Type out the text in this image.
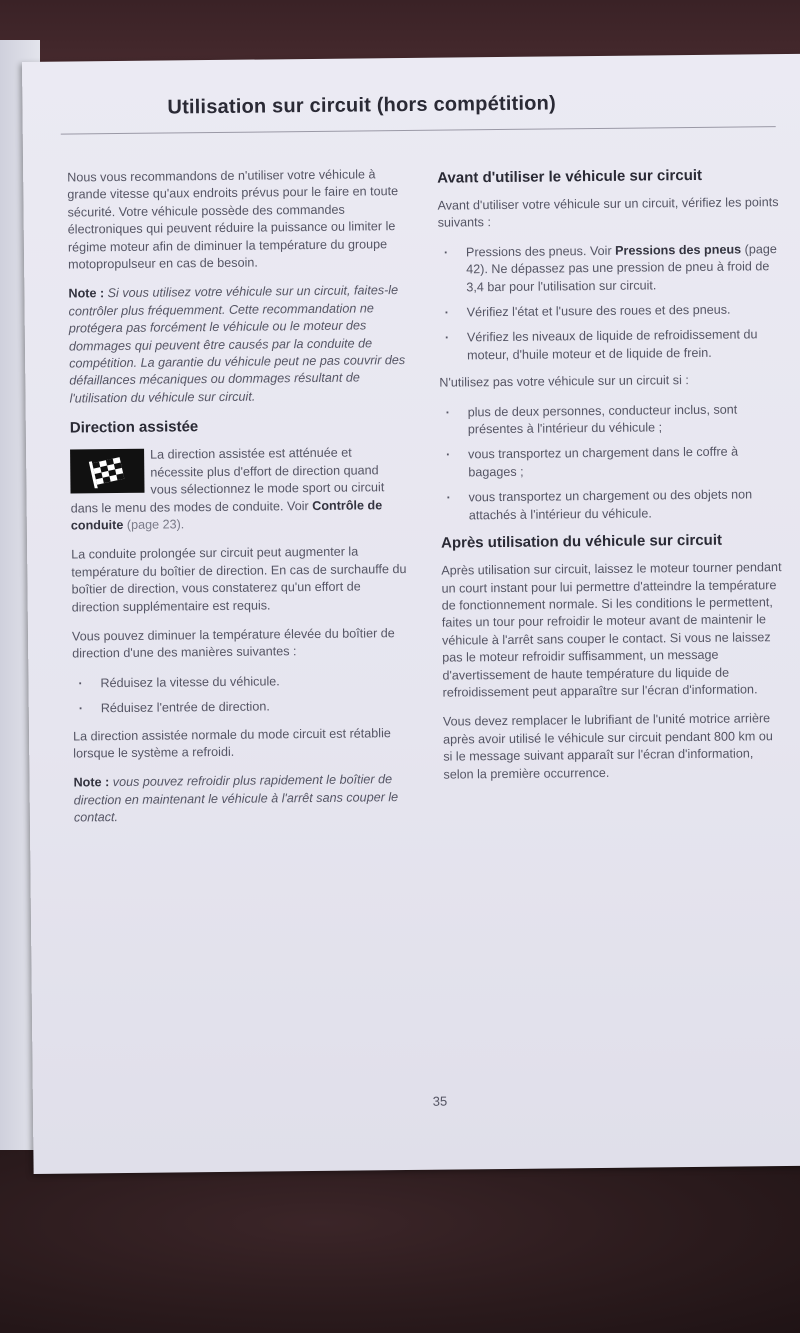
Utilisation sur circuit (hors compétition)

Nous vous recommandons de n'utiliser votre véhicule à grande vitesse qu'aux endroits prévus pour le faire en toute sécurité. Votre véhicule possède des commandes électroniques qui peuvent réduire la puissance ou limiter le régime moteur afin de diminuer la température du groupe motopropulseur en cas de besoin.

Note : Si vous utilisez votre véhicule sur un circuit, faites-le contrôler plus fréquemment. Cette recommandation ne protégera pas forcément le véhicule ou le moteur des dommages qui peuvent être causés par la conduite de compétition. La garantie du véhicule peut ne pas couvrir des défaillances mécaniques ou dommages résultant de l'utilisation du véhicule sur circuit.

Direction assistée

La direction assistée est atténuée et nécessite plus d'effort de direction quand vous sélectionnez le mode sport ou circuit dans le menu des modes de conduite. Voir Contrôle de conduite (page 23).

La conduite prolongée sur circuit peut augmenter la température du boîtier de direction. En cas de surchauffe du boîtier de direction, vous constaterez qu'un effort de direction supplémentaire est requis.

Vous pouvez diminuer la température élevée du boîtier de direction d'une des manières suivantes :

· Réduisez la vitesse du véhicule.
· Réduisez l'entrée de direction.

La direction assistée normale du mode circuit est rétablie lorsque le système a refroidi.

Note : vous pouvez refroidir plus rapidement le boîtier de direction en maintenant le véhicule à l'arrêt sans couper le contact.

Avant d'utiliser le véhicule sur circuit

Avant d'utiliser votre véhicule sur un circuit, vérifiez les points suivants :

· Pressions des pneus. Voir Pressions des pneus (page 42). Ne dépassez pas une pression de pneu à froid de 3,4 bar pour l'utilisation sur circuit.
· Vérifiez l'état et l'usure des roues et des pneus.
· Vérifiez les niveaux de liquide de refroidissement du moteur, d'huile moteur et de liquide de frein.

N'utilisez pas votre véhicule sur un circuit si :

· plus de deux personnes, conducteur inclus, sont présentes à l'intérieur du véhicule ;
· vous transportez un chargement dans le coffre à bagages ;
· vous transportez un chargement ou des objets non attachés à l'intérieur du véhicule.
Après utilisation du véhicule sur circuit

Après utilisation sur circuit, laissez le moteur tourner pendant un court instant pour lui permettre d'atteindre la température de fonctionnement normale. Si les conditions le permettent, faites un tour pour refroidir le moteur avant de maintenir le véhicule à l'arrêt sans couper le contact. Si vous ne laissez pas le moteur refroidir suffisamment, un message d'avertissement de haute température du liquide de refroidissement peut apparaître sur l'écran d'information.

Vous devez remplacer le lubrifiant de l'unité motrice arrière après avoir utilisé le véhicule sur circuit pendant 800 km ou si le message suivant apparaît sur l'écran d'information, selon la première occurrence.

35
